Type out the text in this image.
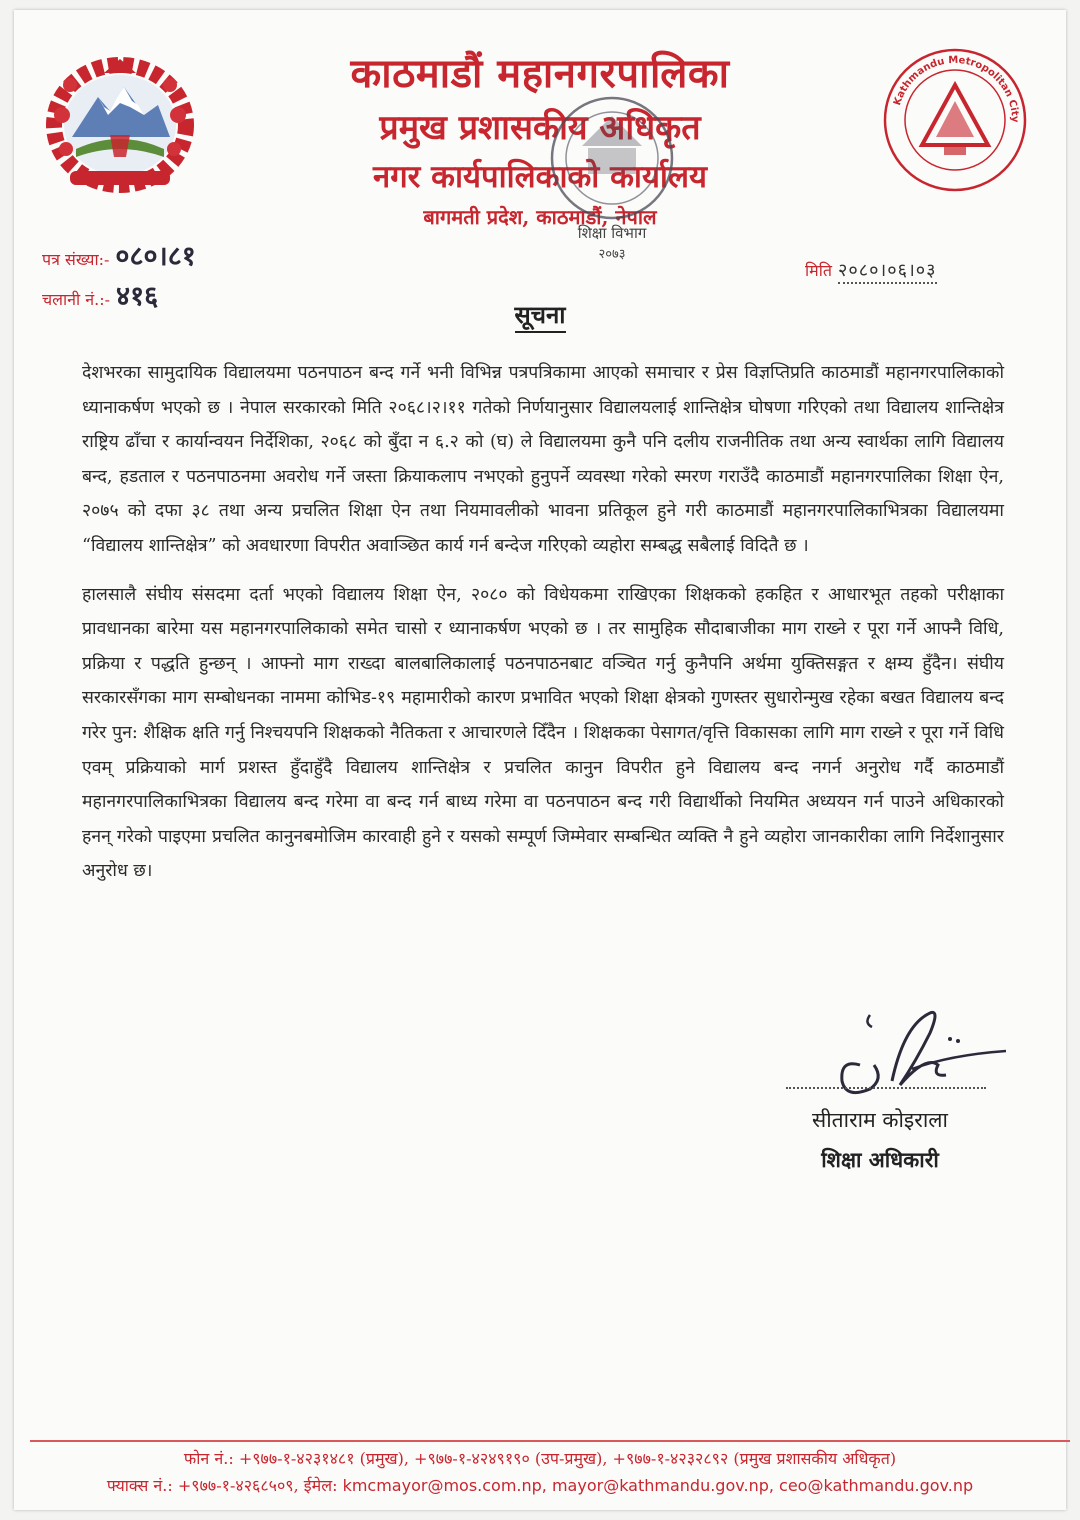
Kathmandu Metropolitan City
काठमाडौं महानगरपालिका
प्रमुख प्रशासकीय अधिकृत
नगर कार्यपालिकाको कार्यालय
बागमती प्रदेश, काठमाडौं, नेपाल
शिक्षा विभाग
२०७३
पत्र संख्या:- ०८०।८१
चलानी नं.:- ४१६
मिति २०८०।०६।०३
सूचना

देशभरका सामुदायिक विद्यालयमा पठनपाठन बन्द गर्ने भनी विभिन्न पत्रपत्रिकामा आएको समाचार र प्रेस विज्ञप्तिप्रति काठमाडौं महानगरपालिकाको ध्यानाकर्षण भएको छ । नेपाल सरकारको मिति २०६८।२।११ गतेको निर्णयानुसार विद्यालयलाई शान्तिक्षेत्र घोषणा गरिएको तथा विद्यालय शान्तिक्षेत्र राष्ट्रिय ढाँचा र कार्यान्वयन निर्देशिका, २०६८ को बुँदा न ६.२ को (घ) ले विद्यालयमा कुनै पनि दलीय राजनीतिक तथा अन्य स्वार्थका लागि विद्यालय बन्द, हडताल र पठनपाठनमा अवरोध गर्ने जस्ता क्रियाकलाप नभएको हुनुपर्ने व्यवस्था गरेको स्मरण गराउँदै काठमाडौं महानगरपालिका शिक्षा ऐन, २०७५ को दफा ३८ तथा अन्य प्रचलित शिक्षा ऐन तथा नियमावलीको भावना प्रतिकूल हुने गरी काठमाडौं महानगरपालिकाभित्रका विद्यालयमा “विद्यालय शान्तिक्षेत्र” को अवधारणा विपरीत अवाञ्छित कार्य गर्न बन्देज गरिएको व्यहोरा सम्बद्ध सबैलाई विदितै छ ।

हालसालै संघीय संसदमा दर्ता भएको विद्यालय शिक्षा ऐन, २०८० को विधेयकमा राखिएका शिक्षकको हकहित र आधारभूत तहको परीक्षाका प्रावधानका बारेमा यस महानगरपालिकाको समेत चासो र ध्यानाकर्षण भएको छ । तर सामुहिक सौदाबाजीका माग राख्ने र पूरा गर्ने आफ्नै विधि, प्रक्रिया र पद्धति हुन्छन् । आफ्नो माग राख्दा बालबालिकालाई पठनपाठनबाट वञ्चित गर्नु कुनैपनि अर्थमा युक्तिसङ्गत र क्षम्य हुँदैन। संघीय सरकारसँगका माग सम्बोधनका नाममा कोभिड-१९ महामारीको कारण प्रभावित भएको शिक्षा क्षेत्रको गुणस्तर सुधारोन्मुख रहेका बखत विद्यालय बन्द गरेर पुन: शैक्षिक क्षति गर्नु निश्चयपनि शिक्षकको नैतिकता र आचारणले दिँदैन । शिक्षकका पेसागत/वृत्ति विकासका लागि माग राख्ने र पूरा गर्ने विधि एवम् प्रक्रियाको मार्ग प्रशस्त हुँदाहुँदै विद्यालय शान्तिक्षेत्र र प्रचलित कानुन विपरीत हुने विद्यालय बन्द नगर्न अनुरोध गर्दै काठमाडौं महानगरपालिकाभित्रका विद्यालय बन्द गरेमा वा बन्द गर्न बाध्य गरेमा वा पठनपाठन बन्द गरी विद्यार्थीको नियमित अध्ययन गर्न पाउने अधिकारको हनन् गरेको पाइएमा प्रचलित कानुनबमोजिम कारवाही हुने र यसको सम्पूर्ण जिम्मेवार सम्बन्धित व्यक्ति नै हुने व्यहोरा जानकारीका लागि निर्देशानुसार अनुरोध छ।

सीताराम कोइराला

शिक्षा अधिकारी

फोन नं.: +९७७-१-४२३१४८१ (प्रमुख), +९७७-१-४२४९१९० (उप-प्रमुख), +९७७-१-४२३२८९२ (प्रमुख प्रशासकीय अधिकृत)

फ्याक्स नं.: +९७७-१-४२६८५०९, ईमेल: kmcmayor@mos.com.np, mayor@kathmandu.gov.np, ceo@kathmandu.gov.np
